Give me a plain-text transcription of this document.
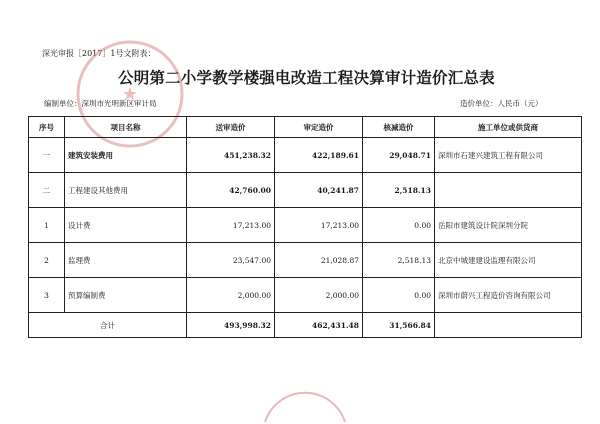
深光审报［2017］1号文附表：
公明第二小学教学楼强电改造工程决算审计造价汇总表
编制单位：深圳市光明新区审计局	造价单位：人民币（元）
★
序号	项目名称	送审造价	审定造价	核减造价	施工单位或供货商
一	建筑安装费用	451,238.32	422,189.61	29,048.71	深圳市石建兴建筑工程有限公司
二	工程建设其他费用	42,760.00	40,241.87	2,518.13	
1	设计费	17,213.00	17,213.00	0.00	岳阳市建筑设计院深圳分院
2	监理费	23,547.00	21,028.87	2,518.13	北京中城建建设监理有限公司
3	预算编制费	2,000.00	2,000.00	0.00	深圳市蔚兴工程造价咨询有限公司
合计		493,998.32	462,431.48	31,566.84	
